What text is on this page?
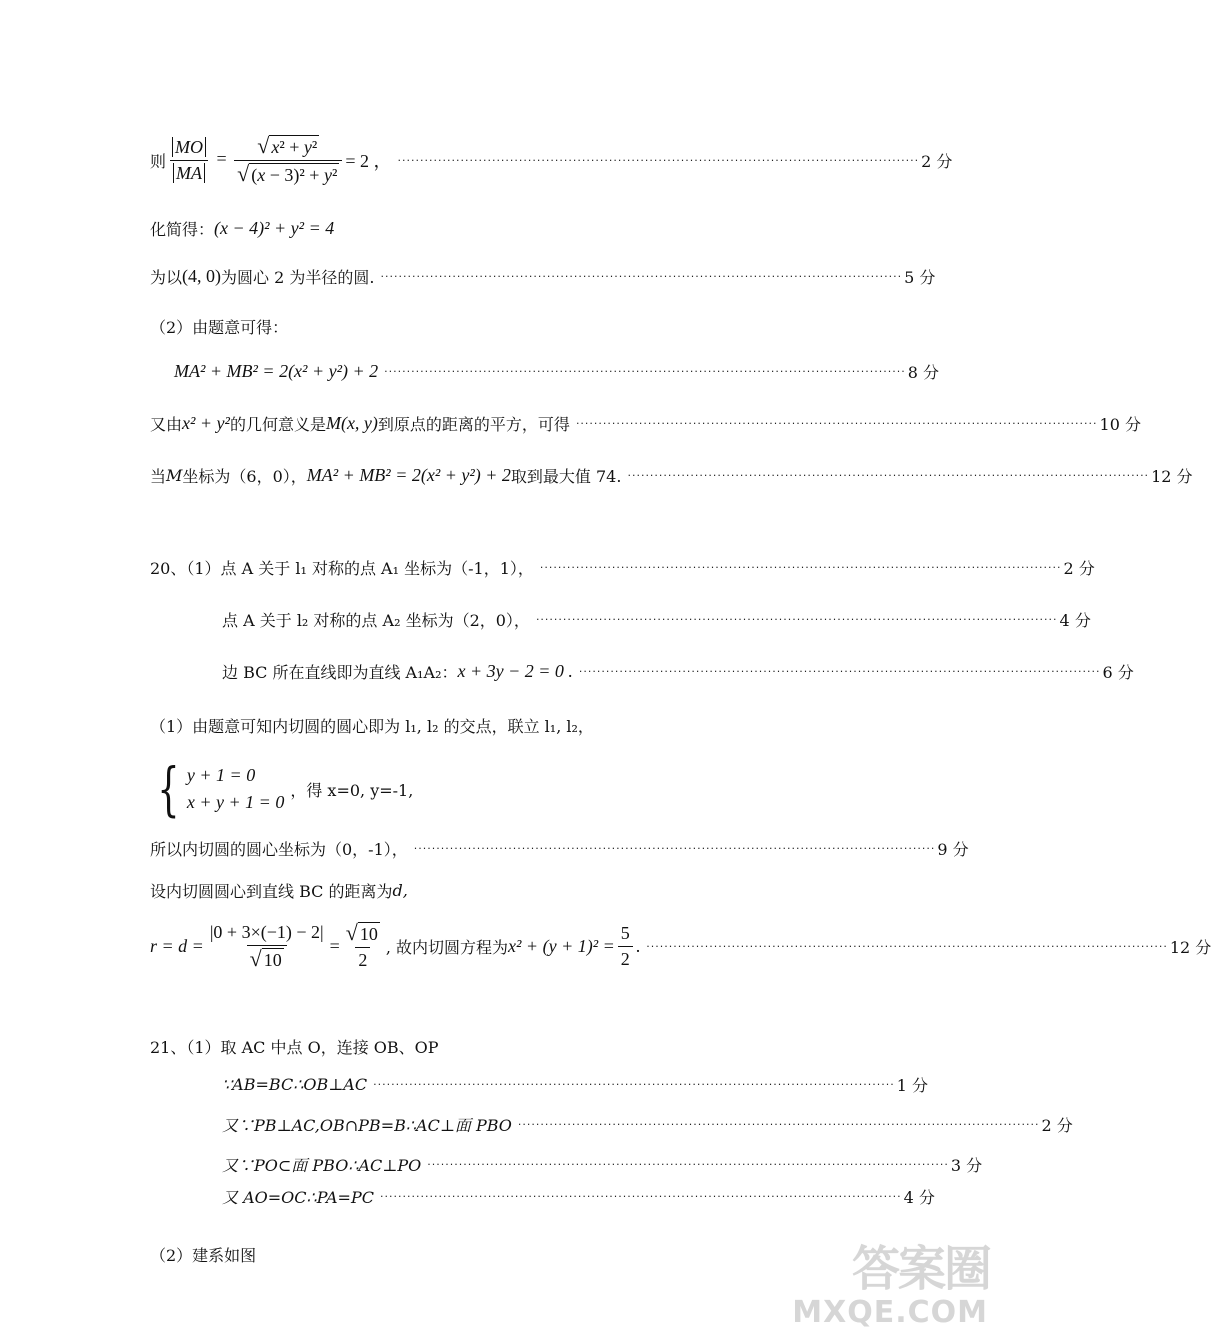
则 $\frac{MO}{MA} = \frac{\text{√ x² + y²}}{\text{√ (x − 3)² + y²}} = 2$ ， ···················································································································· 2 分
化简得： (x − 4)² + y² = 4
为以 (4, 0) 为圆心 2 为半径的圆. ···················································································································· 5 分
（2）由题意可得：
MA² + MB² = 2(x² + y²) + 2 ···················································································································· 8 分
又由 x² + y² 的几何意义是 M(x, y) 到原点的距离的平方，可得 ···················································································································· 10 分
当 M 坐标为（6，0）， MA² + MB² = 2(x² + y²) + 2 取到最大值 74. ···················································································································· 12 分
20、（1）点 A 关于 l₁ 对称的点 A₁ 坐标为（-1，1）， ···················································································································· 2 分
点 A 关于 l₂ 对称的点 A₂ 坐标为（2，0）， ···················································································································· 4 分
边 BC 所在直线即为直线 A₁A₂： x + 3y − 2 = 0 . ···················································································································· 6 分
（1）由题意可知内切圆的圆心即为 l₁, l₂ 的交点，联立 l₁, l₂，
{ y + 1 = 0
x + y + 1 = 0
，得 x=0, y=-1,
所以内切圆的圆心坐标为（0，-1）， ···················································································································· 9 分
设内切圆圆心到直线 BC 的距离为 d,
$r = d = \frac{|0 + 3\times(-1) - 2|}{√ 10} = \frac{√ 10}{2}$ , 故内切圆方程为 $x^2 + (y + 1)^2 = \frac{5}{2}$ . ···················································································································· 12 分
21、（1）取 AC 中点 O，连接 OB、OP
∵AB=BC∴OB⊥AC ···················································································································· 1 分
又∵PB⊥AC,OB∩PB=B∴AC⊥面 PBO ···················································································································· 2 分
又∵PO⊂面 PBO∴AC⊥PO ···················································································································· 3 分
又 AO=OC∴PA=PC ···················································································································· 4 分
（2）建系如图	答案圈
MXQE.COM
